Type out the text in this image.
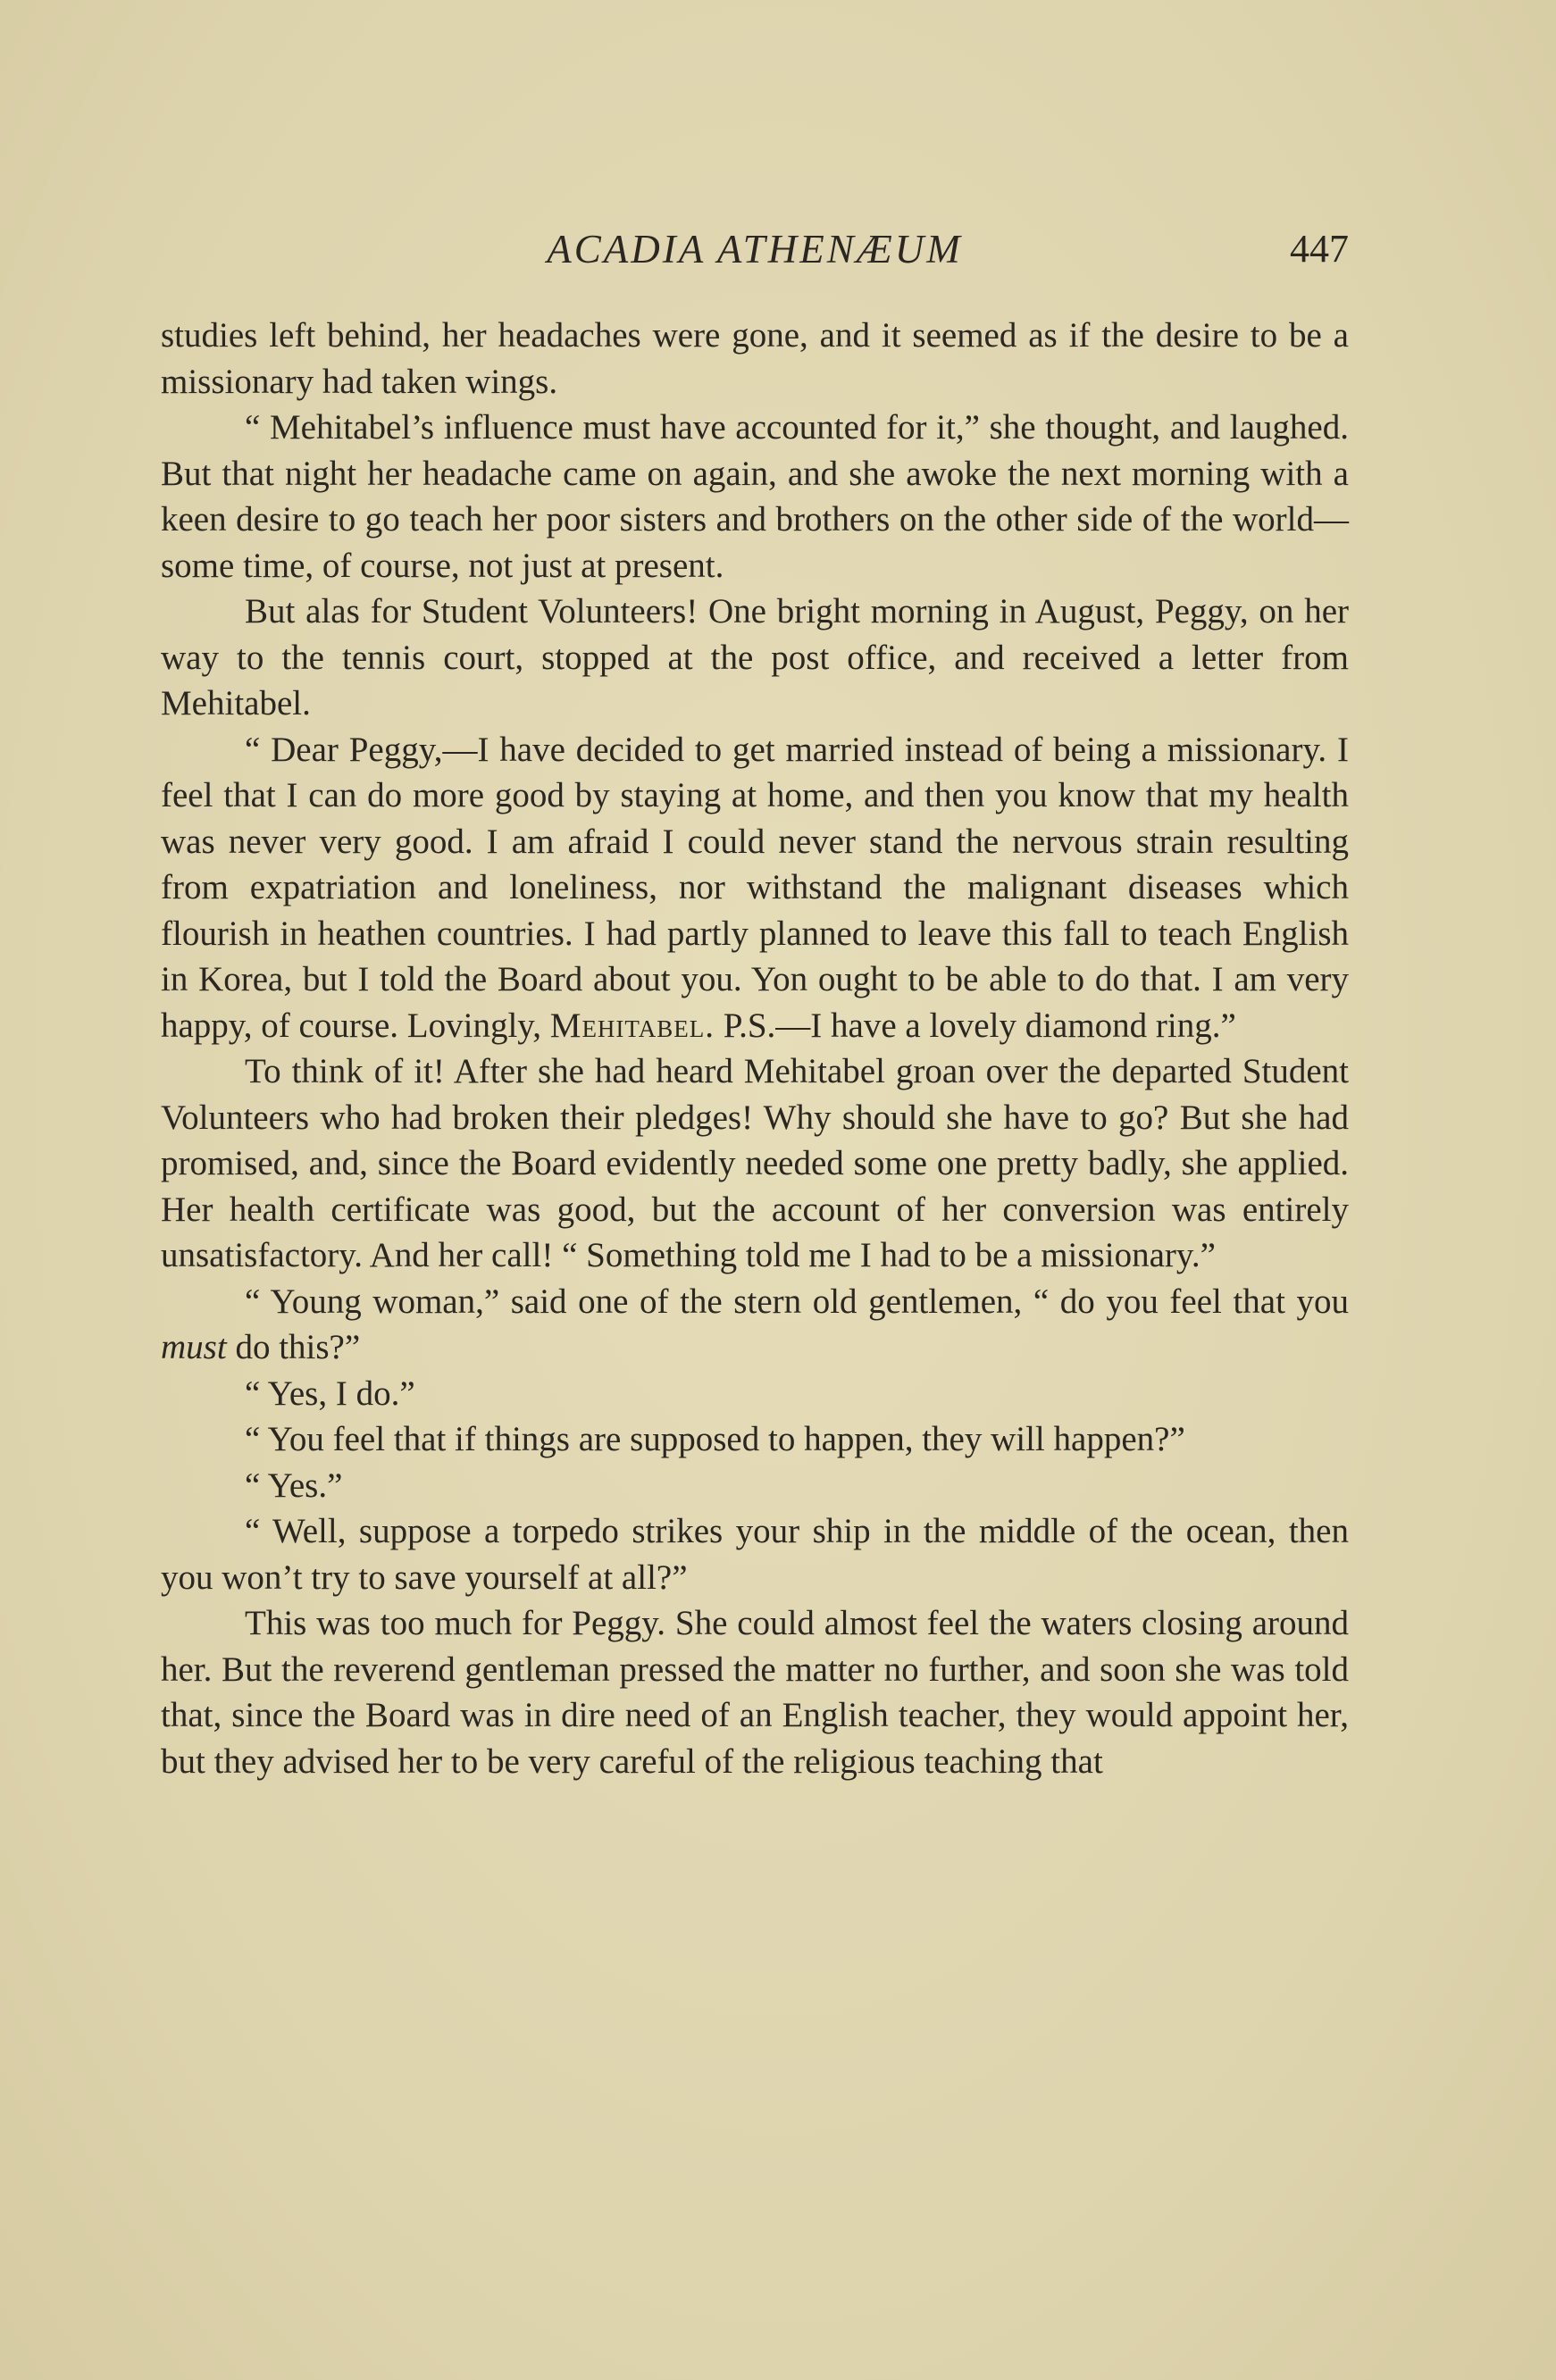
ACADIA ATHENÆUM	447

studies left behind, her headaches were gone, and it seemed as if the desire to be a missionary had taken wings.

“ Mehitabel’s influence must have accounted for it,” she thought, and laughed. But that night her headache came on again, and she awoke the next morning with a keen desire to go teach her poor sisters and brothers on the other side of the world—some time, of course, not just at present.

But alas for Student Volunteers! One bright morning in August, Peggy, on her way to the tennis court, stopped at the post office, and received a letter from Mehitabel.

“ Dear Peggy,—I have decided to get married instead of being a missionary. I feel that I can do more good by staying at home, and then you know that my health was never very good. I am afraid I could never stand the nervous strain resulting from expatriation and loneliness, nor withstand the malignant diseases which flourish in heathen countries. I had partly planned to leave this fall to teach English in Korea, but I told the Board about you. Yon ought to be able to do that. I am very happy, of course. Lovingly, Mehitabel. P.S.—I have a lovely diamond ring.”

To think of it! After she had heard Mehitabel groan over the departed Student Volunteers who had broken their pledges! Why should she have to go? But she had promised, and, since the Board evidently needed some one pretty badly, she applied. Her health certificate was good, but the account of her conversion was entirely unsatisfactory. And her call! “ Something told me I had to be a missionary.”

“ Young woman,” said one of the stern old gentlemen, “ do you feel that you must do this?”

“ Yes, I do.”

“ You feel that if things are supposed to happen, they will happen?”

“ Yes.”

“ Well, suppose a torpedo strikes your ship in the middle of the ocean, then you won’t try to save yourself at all?”

This was too much for Peggy. She could almost feel the waters closing around her. But the reverend gentleman pressed the matter no further, and soon she was told that, since the Board was in dire need of an English teacher, they would appoint her, but they advised her to be very careful of the religious teaching that
